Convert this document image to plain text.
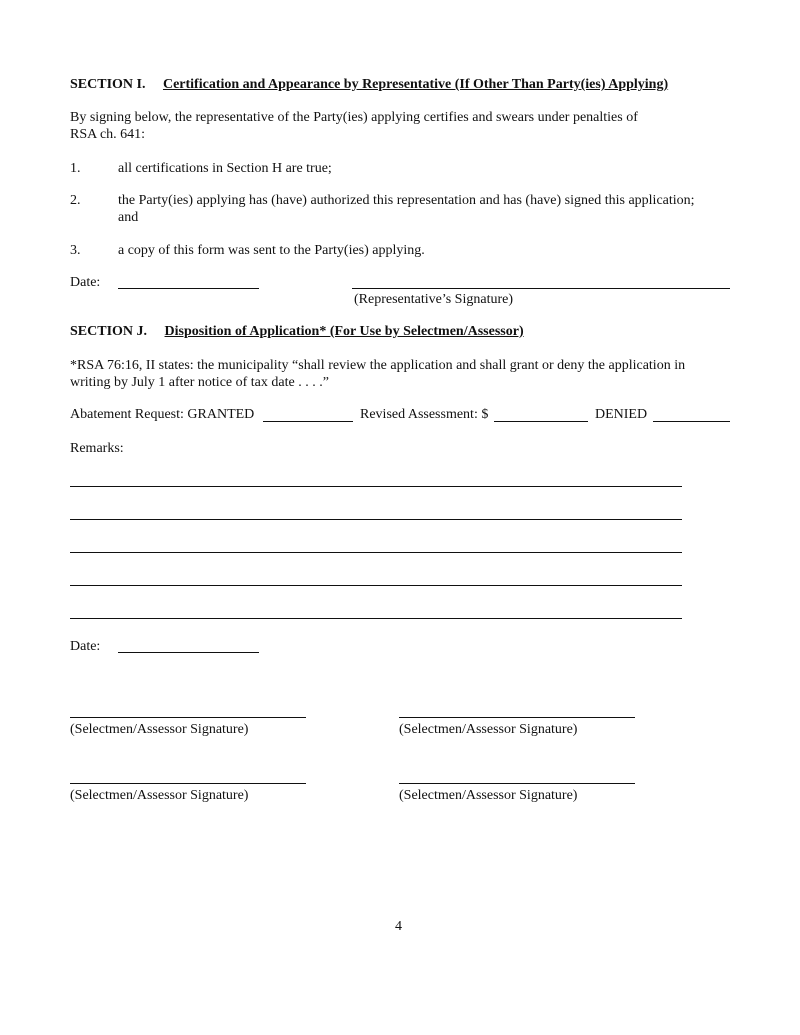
SECTION I. Certification and Appearance by Representative (If Other Than Party(ies) Applying)
By signing below, the representative of the Party(ies) applying certifies and swears under penalties of
RSA ch. 641:
1.	all certifications in Section H are true;
2.	the Party(ies) applying has (have) authorized this representation and has (have) signed this application;
and
3.	a copy of this form was sent to the Party(ies) applying.
Date:
(Representative’s Signature)
SECTION J. Disposition of Application* (For Use by Selectmen/Assessor)
*RSA 76:16, II states: the municipality “shall review the application and shall grant or deny the application in
writing by July 1 after notice of tax date . . . .”
Abatement Request: GRANTED	Revised Assessment: $	DENIED
Remarks:
Date:
(Selectmen/Assessor Signature)	(Selectmen/Assessor Signature)
(Selectmen/Assessor Signature)	(Selectmen/Assessor Signature)
4
